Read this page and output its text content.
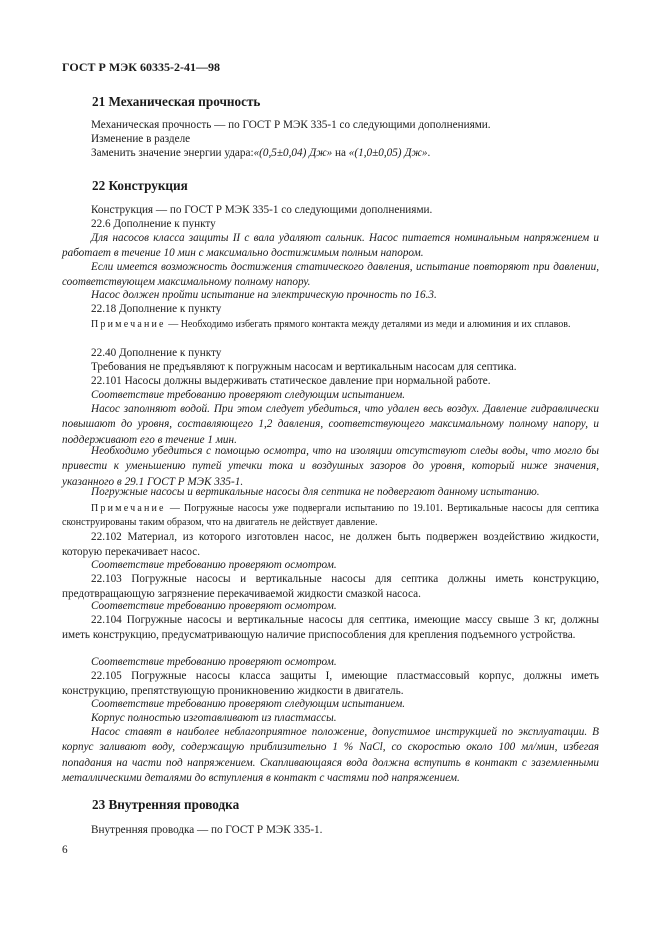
ГОСТ Р МЭК 60335-2-41—98
21 Механическая прочность
Механическая прочность — по ГОСТ Р МЭК 335-1 со следующими дополнениями.
Изменение в разделе
Заменить значение энергии удара:«(0,5±0,04) Дж» на «(1,0±0,05) Дж».
22 Конструкция
Конструкция — по ГОСТ Р МЭК 335-1 со следующими дополнениями.
22.6 Дополнение к пункту
Для насосов класса защиты II с вала удаляют сальник. Насос питается номинальным напряжением и работает в течение 10 мин с максимально достижимым полным напором.
Если имеется возможность достижения статического давления, испытание повторяют при давлении, соответствующем максимальному полному напору.
Насос должен пройти испытание на электрическую прочность по 16.3.
22.18 Дополнение к пункту
Примечание — Необходимо избегать прямого контакта между деталями из меди и алюминия и их сплавов.
22.40 Дополнение к пункту
Требования не предъявляют к погружным насосам и вертикальным насосам для септика.
22.101 Насосы должны выдерживать статическое давление при нормальной работе.
Соответствие требованию проверяют следующим испытанием.
Насос заполняют водой. При этом следует убедиться, что удален весь воздух. Давление гидравлически повышают до уровня, составляющего 1,2 давления, соответствующего максимальному полному напору, и поддерживают его в течение 1 мин.
Необходимо убедиться с помощью осмотра, что на изоляции отсутствуют следы воды, что могло бы привести к уменьшению путей утечки тока и воздушных зазоров до уровня, который ниже значения, указанного в 29.1 ГОСТ Р МЭК 335-1.
Погружные насосы и вертикальные насосы для септика не подвергают данному испытанию.
Примечание — Погружные насосы уже подвергали испытанию по 19.101. Вертикальные насосы для септика сконструированы таким образом, что на двигатель не действует давление.
22.102 Материал, из которого изготовлен насос, не должен быть подвержен воздействию жидкости, которую перекачивает насос.
Соответствие требованию проверяют осмотром.
22.103 Погружные насосы и вертикальные насосы для септика должны иметь конструкцию, предотвращающую загрязнение перекачиваемой жидкости смазкой насоса.
Соответствие требованию проверяют осмотром.
22.104 Погружные насосы и вертикальные насосы для септика, имеющие массу свыше 3 кг, должны иметь конструкцию, предусматривающую наличие приспособления для крепления подъемного устройства.
Соответствие требованию проверяют осмотром.
22.105 Погружные насосы класса защиты I, имеющие пластмассовый корпус, должны иметь конструкцию, препятствующую проникновению жидкости в двигатель.
Соответствие требованию проверяют следующим испытанием.
Корпус полностью изготавливают из пластмассы.
Насос ставят в наиболее неблагоприятное положение, допустимое инструкцией по эксплуатации. В корпус заливают воду, содержащую приблизительно 1 % NaCl, со скоростью около 100 мл/мин, избегая попадания на части под напряжением. Скапливающаяся вода должна вступить в контакт с заземленными металлическими деталями до вступления в контакт с частями под напряжением.
23 Внутренняя проводка
Внутренняя проводка — по ГОСТ Р МЭК 335-1.
6
